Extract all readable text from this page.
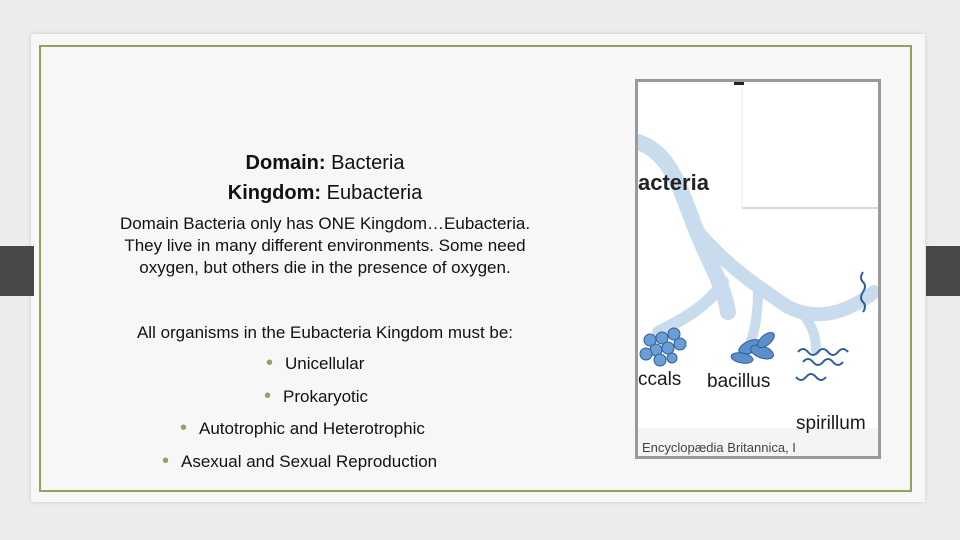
Domain: Bacteria
Kingdom: Eubacteria
Domain Bacteria only has ONE Kingdom…Eubacteria.
They live in many different environments. Some need
oxygen, but others die in the presence of oxygen.
All organisms in the Eubacteria Kingdom must be:
• Unicellular
• Prokaryotic
• Autotrophic and Heterotrophic
• Asexual and Sexual Reproduction
acteria
ccals bacillus
spirillum
Encyclopædia Britannica, I
